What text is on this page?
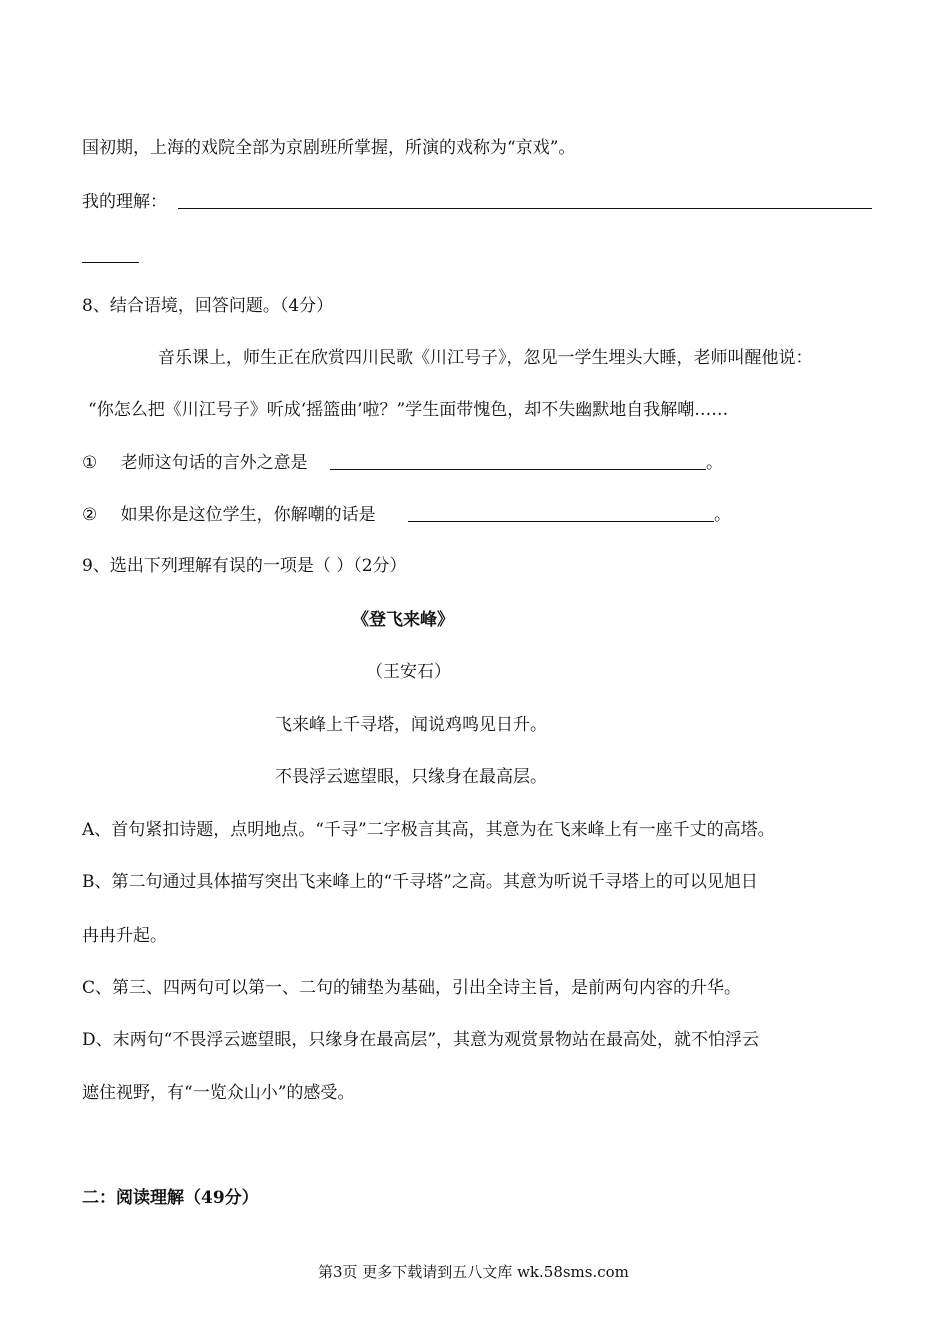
国初期，上海的戏院全部为京剧班所掌握，所演的戏称为“京戏”。
我的理解：
8、结合语境，回答问题。（4分）
音乐课上，师生正在欣赏四川民歌《川江号子》，忽见一学生埋头大睡，老师叫醒他说：
“你怎么把《川江号子》听成‘摇篮曲’啦？”学生面带愧色，却不失幽默地自我解嘲……
① 老师这句话的言外之意是	。
② 如果你是这位学生，你解嘲的话是	。
9、选出下列理解有误的一项是（ ）（2分）
《登飞来峰》
（王安石）
飞来峰上千寻塔，闻说鸡鸣见日升。
不畏浮云遮望眼，只缘身在最高层。
A、首句紧扣诗题，点明地点。“千寻”二字极言其高，其意为在飞来峰上有一座千丈的高塔。
B、第二句通过具体描写突出飞来峰上的“千寻塔”之高。其意为听说千寻塔上的可以见旭日
冉冉升起。
C、第三、四两句可以第一、二句的铺垫为基础，引出全诗主旨，是前两句内容的升华。
D、末两句“不畏浮云遮望眼，只缘身在最高层”，其意为观赏景物站在最高处，就不怕浮云
遮住视野，有“一览众山小”的感受。
二：阅读理解（49分）
第3页 更多下载请到五八文库 wk.58sms.com
